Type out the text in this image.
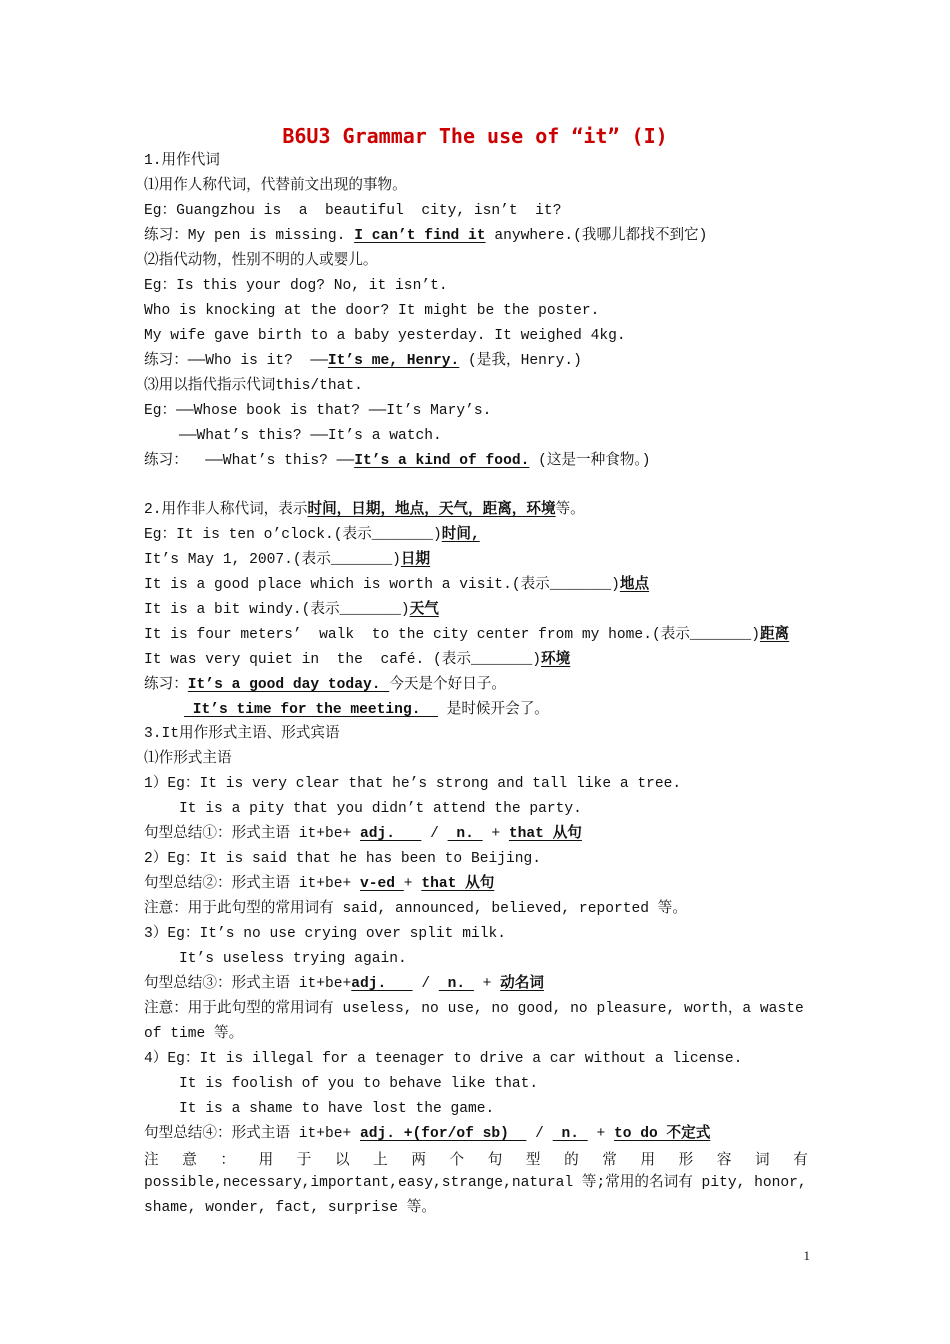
B6U3 Grammar The use of “it” (I)
1.用作代词
⑴用作人称代词，代替前文出现的事物。
Eg：Guangzhou is  a  beautiful  city, isn’t  it?
练习：My pen is missing. I can’t find it anywhere.(我哪儿都找不到它)
⑵指代动物，性别不明的人或婴儿。
Eg：Is this your dog? No, it isn’t.
Who is knocking at the door? It might be the poster.
My wife gave birth to a baby yesterday. It weighed 4kg.
练习：——Who is it?  ——It’s me, Henry. (是我，Henry.)
⑶用以指代指示代词this/that.
Eg：——Whose book is that? ——It’s Mary’s.
——What’s this? ——It’s a watch.
练习：  ——What’s this? ——It’s a kind of food. (这是一种食物。)
2.用作非人称代词，表示时间，日期，地点，天气，距离，环境等。
Eg：It is ten o’clock.(表示_______)时间,
It’s May 1, 2007.(表示_______)日期
It is a good place which is worth a visit.(表示_______)地点
It is a bit windy.(表示_______)天气
It is four meters’  walk  to the city center from my home.(表示_______)距离
It was very quiet in  the  café. (表示_______)环境
练习：It’s a good day today. 今天是个好日子。
It’s time for the meeting.   是时候开会了。
3.It用作形式主语、形式宾语
⑴作形式主语
1）Eg：It is very clear that he’s strong and tall like a tree.
It is a pity that you didn’t attend the party.
句型总结①：形式主语 it+be+ adj.    /  n.  + that 从句
2）Eg：It is said that he has been to Beijing.
句型总结②：形式主语 it+be+ v-ed + that 从句
注意：用于此句型的常用词有 said, announced, believed, reported 等。
3）Eg：It’s no use crying over split milk.
It’s useless trying again.
句型总结③：形式主语 it+be+adj.    /  n.  + 动名词
注意：用于此句型的常用词有 useless, no use, no good, no pleasure, worth，a waste
of time 等。
4）Eg：It is illegal for a teenager to drive a car without a license.
It is foolish of you to behave like that.
It is a shame to have lost the game.
句型总结④：形式主语 it+be+ adj. +(for/of sb)   /  n.  + to do 不定式
注 意 ： 用 于 以 上 两 个 句 型 的 常 用 形 容 词 有
possible,necessary,important,easy,strange,natural 等;常用的名词有 pity, honor,
shame, wonder, fact, surprise 等。
1
